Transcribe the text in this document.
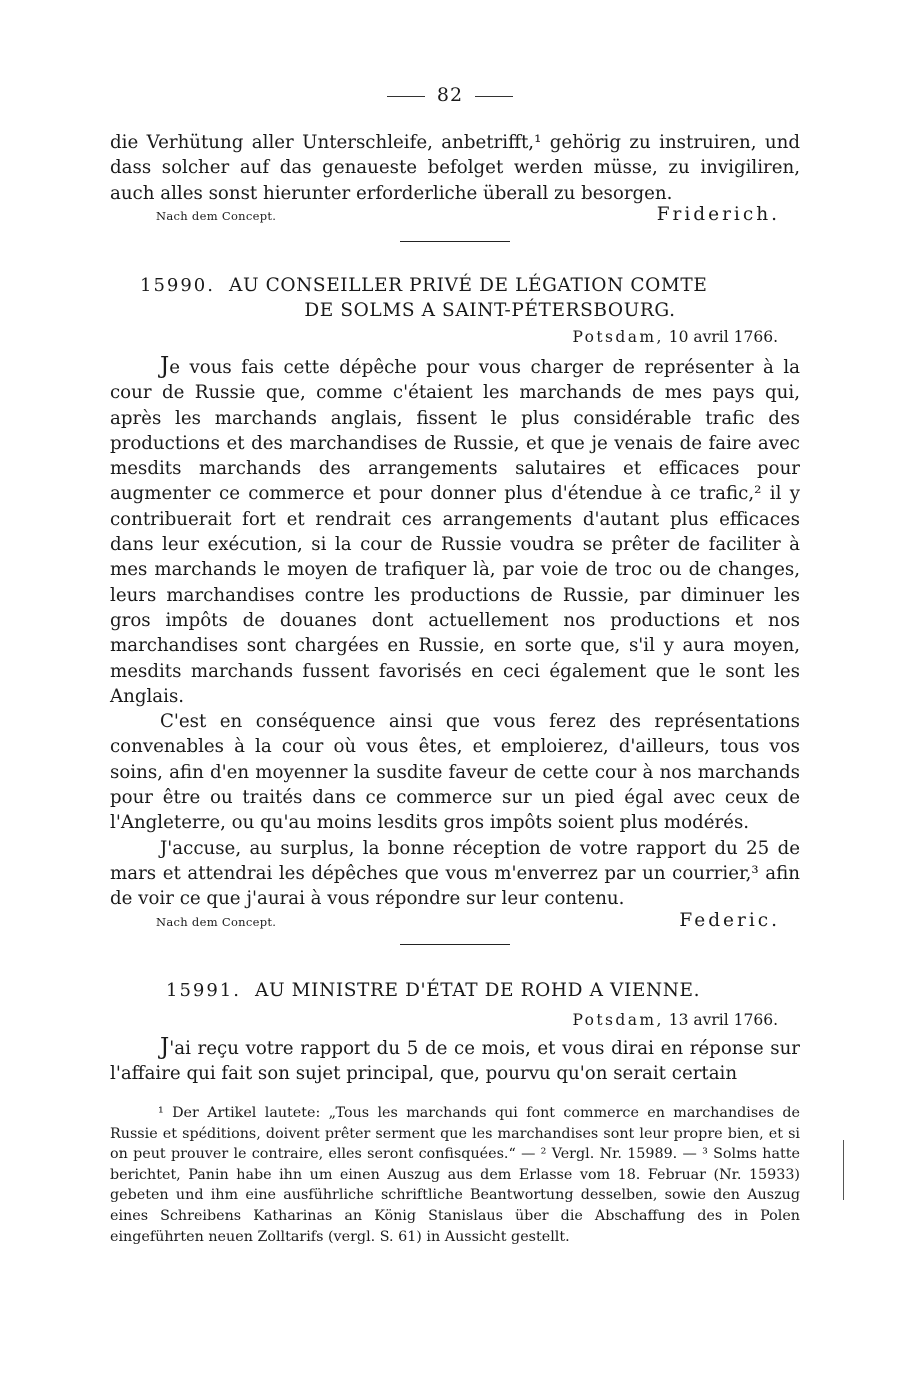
82

die Verhütung aller Unterschleife, anbetrifft,¹ gehörig zu instruiren, und dass solcher auf das genaueste befolget werden müsse, zu invigiliren, auch alles sonst hierunter erforderliche überall zu besorgen.

Nach dem Concept.	Friderich.
15990. AU CONSEILLER PRIVÉ DE LÉGATION COMTE
DE SOLMS A SAINT-PÉTERSBOURG.
Potsdam, 10 avril 1766.

Je vous fais cette dépêche pour vous charger de représenter à la cour de Russie que, comme c'étaient les marchands de mes pays qui, après les marchands anglais, fissent le plus considérable trafic des productions et des marchandises de Russie, et que je venais de faire avec mesdits marchands des arrangements salutaires et efficaces pour augmenter ce commerce et pour donner plus d'étendue à ce trafic,² il y contribuerait fort et rendrait ces arrangements d'autant plus efficaces dans leur exécution, si la cour de Russie voudra se prêter de faciliter à mes marchands le moyen de trafiquer là, par voie de troc ou de changes, leurs marchandises contre les productions de Russie, par diminuer les gros impôts de douanes dont actuellement nos productions et nos marchandises sont chargées en Russie, en sorte que, s'il y aura moyen, mesdits marchands fussent favorisés en ceci également que le sont les Anglais.

C'est en conséquence ainsi que vous ferez des représentations convenables à la cour où vous êtes, et emploierez, d'ailleurs, tous vos soins, afin d'en moyenner la susdite faveur de cette cour à nos marchands pour être ou traités dans ce commerce sur un pied égal avec ceux de l'Angleterre, ou qu'au moins lesdits gros impôts soient plus modérés.

J'accuse, au surplus, la bonne réception de votre rapport du 25 de mars et attendrai les dépêches que vous m'enverrez par un courrier,³ afin de voir ce que j'aurai à vous répondre sur leur contenu.

Nach dem Concept.	Federic.
15991. AU MINISTRE D'ÉTAT DE ROHD A VIENNE.
Potsdam, 13 avril 1766.

J'ai reçu votre rapport du 5 de ce mois, et vous dirai en réponse sur l'affaire qui fait son sujet principal, que, pourvu qu'on serait certain

¹ Der Artikel lautete: „Tous les marchands qui font commerce en marchandises de Russie et spéditions, doivent prêter serment que les marchandises sont leur propre bien, et si on peut prouver le contraire, elles seront confisquées.“ — ² Vergl. Nr. 15989. — ³ Solms hatte berichtet, Panin habe ihn um einen Auszug aus dem Erlasse vom 18. Februar (Nr. 15933) gebeten und ihm eine ausführliche schriftliche Beantwortung desselben, sowie den Auszug eines Schreibens Katharinas an König Stanislaus über die Abschaffung des in Polen eingeführten neuen Zolltarifs (vergl. S. 61) in Aussicht gestellt.
